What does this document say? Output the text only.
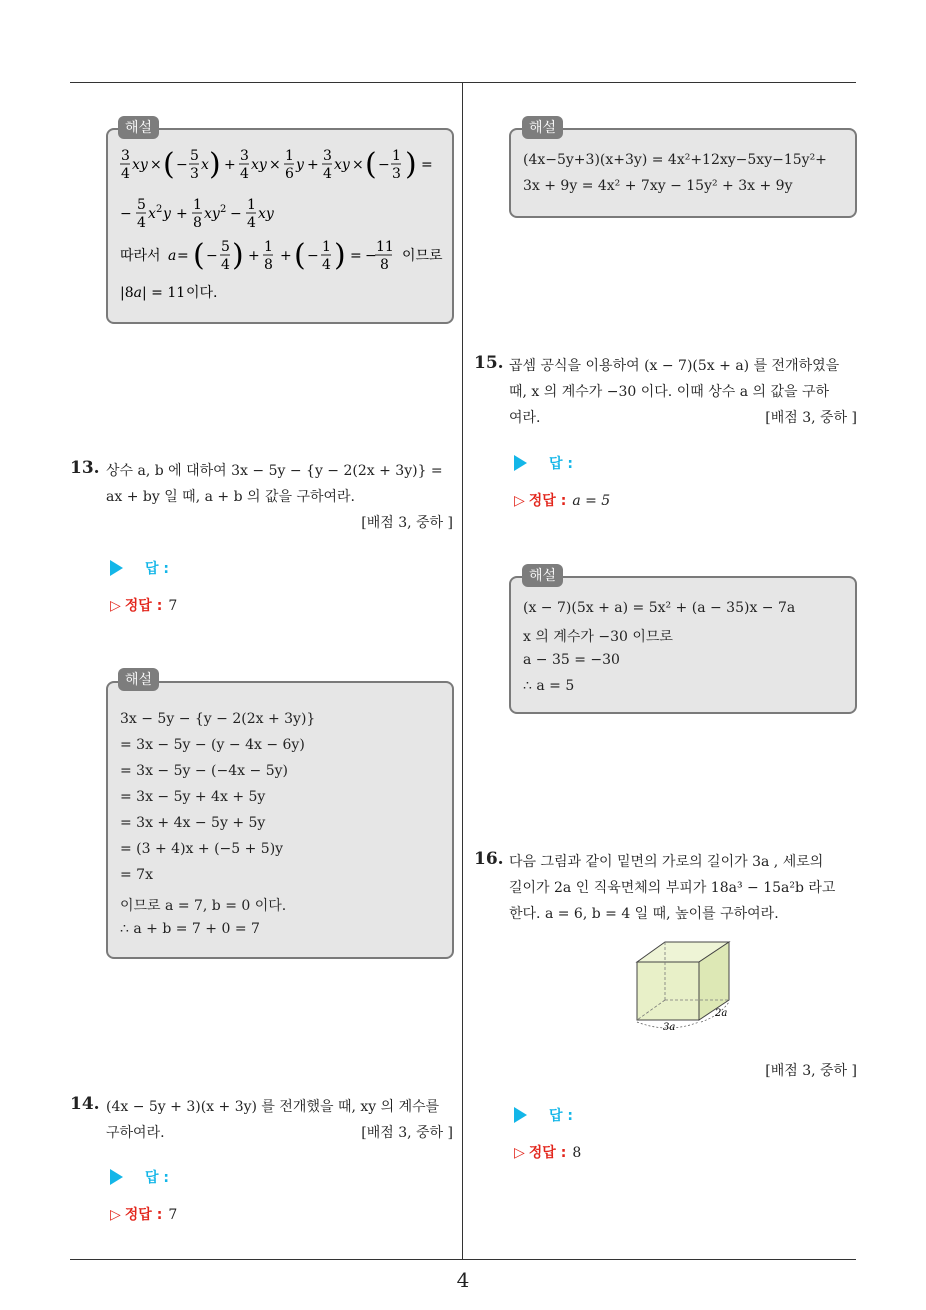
4
3
4
xy × ( −
5
3
x ) +
3
4
xy ×
1
6
y +
3
4
xy × ( −
1
3 ) =
−
5
4
x 2 y +
1
8
xy 2 −
1
4
xy
따라서 a = ( −
5
4 ) +
1
8
+ ( −
1
4 ) = −
11
8
이므로
|8a| = 11 이다.
해설
13. 상수 a, b 에 대하여 3x − 5y − {y − 2(2x + 3y)} =
ax + by 일 때, a + b 의 값을 구하여라.
[배점 3, 중하 ]
답 :
▷ 정답 : 7
3x − 5y − {y − 2(2x + 3y)}
= 3x − 5y − (y − 4x − 6y)
= 3x − 5y − (−4x − 5y)
= 3x − 5y + 4x + 5y
= 3x + 4x − 5y + 5y
= (3 + 4)x + (−5 + 5)y
= 7x
이므로 a = 7, b = 0 이다.
∴ a + b = 7 + 0 = 7
해설
14. (4x − 5y + 3)(x + 3y) 를 전개했을 때, xy 의 계수를
구하여라.	[배점 3, 중하 ]
답 :
▷ 정답 : 7
(4x−5y+3)(x+3y) = 4x²+12xy−5xy−15y²+
3x + 9y = 4x² + 7xy − 15y² + 3x + 9y
해설
15. 곱셈 공식을 이용하여 (x − 7)(5x + a) 를 전개하였을
때, x 의 계수가 −30 이다. 이때 상수 a 의 값을 구하
여라.	[배점 3, 중하 ]
답 :
▷ 정답 : a = 5
(x − 7)(5x + a) = 5x² + (a − 35)x − 7a
x 의 계수가 −30 이므로
a − 35 = −30
∴ a = 5
해설
16. 다음 그림과 같이 밑면의 가로의 길이가 3a , 세로의
길이가 2a 인 직육면체의 부피가 18a³ − 15a²b 라고
한다. a = 6, b = 4 일 때, 높이를 구하여라.
3a
2a
[배점 3, 중하 ]
답 :
▷ 정답 : 8
